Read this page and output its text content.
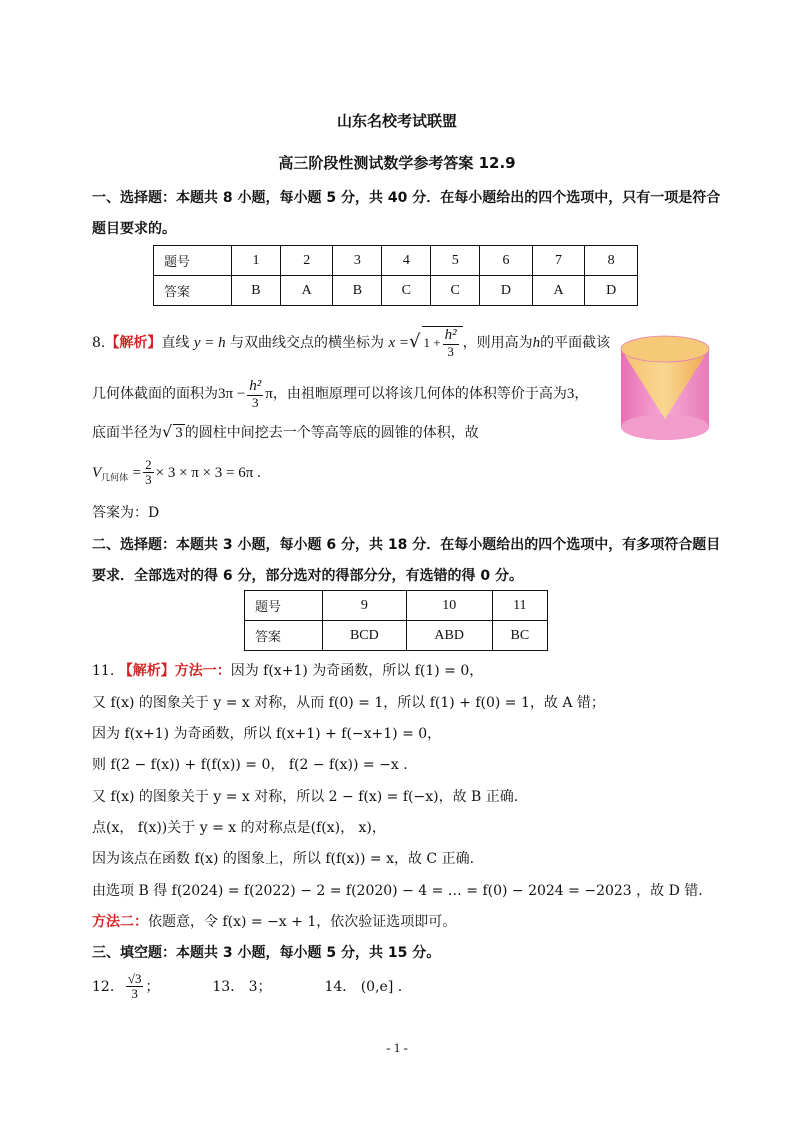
山东名校考试联盟
高三阶段性测试数学参考答案 12.9
一、选择题：本题共 8 小题，每小题 5 分，共 40 分．在每小题给出的四个选项中，只有一项是符合
题目要求的。
题号	1	2	3	4	5	6	7	8
答案	B	A	B	C	C	D	A	D
8.【解析】直线 y = h 与双曲线交点的横坐标为 x =√ $1 + \frac{\text{h²}}{3}$ ，则用高为h的平面截该
几何体截面的面积为$3\pi - \frac{\text{h²}}{3}$ π，由祖暅原理可以将该几何体的体积等价于高为3，
底面半径为√ 3 的圆柱中间挖去一个等高等底的圆锥的体积，故
$V_{几何体} = \frac{2}{3} \times 3 \times \pi \times 3 = 6\pi$ .
答案为：D
二、选择题：本题共 3 小题，每小题 6 分，共 18 分．在每小题给出的四个选项中，有多项符合题目
要求．全部选对的得 6 分，部分选对的得部分分，有选错的得 0 分。
题号	9	10	11
答案	BCD	ABD	BC
11. 【解析】方法一：因为 f(x+1) 为奇函数，所以 f(1) = 0，
又 f(x) 的图象关于 y = x 对称，从而 f(0) = 1，所以 f(1) + f(0) = 1，故 A 错；
因为 f(x+1) 为奇函数，所以 f(x+1) + f(−x+1) = 0，
则 f(2 − f(x)) + f(f(x)) = 0， f(2 − f(x)) = −x .
又 f(x) 的图象关于 y = x 对称，所以 2 − f(x) = f(−x)，故 B 正确.
点(x， f(x))关于 y = x 的对称点是(f(x)， x)，
因为该点在函数 f(x) 的图象上，所以 f(f(x)) = x，故 C 正确.
由选项 B 得 f(2024) = f(2022) − 2 = f(2020) − 4 = … = f(0) − 2024 = −2023 ，故 D 错.
方法二：依题意，令 f(x) = −x + 1，依次验证选项即可。
三、填空题：本题共 3 小题，每小题 5 分，共 15 分。
12． $\frac{√3}{3}$ ；	13． 3；	14． (0,e] .
- 1 -
